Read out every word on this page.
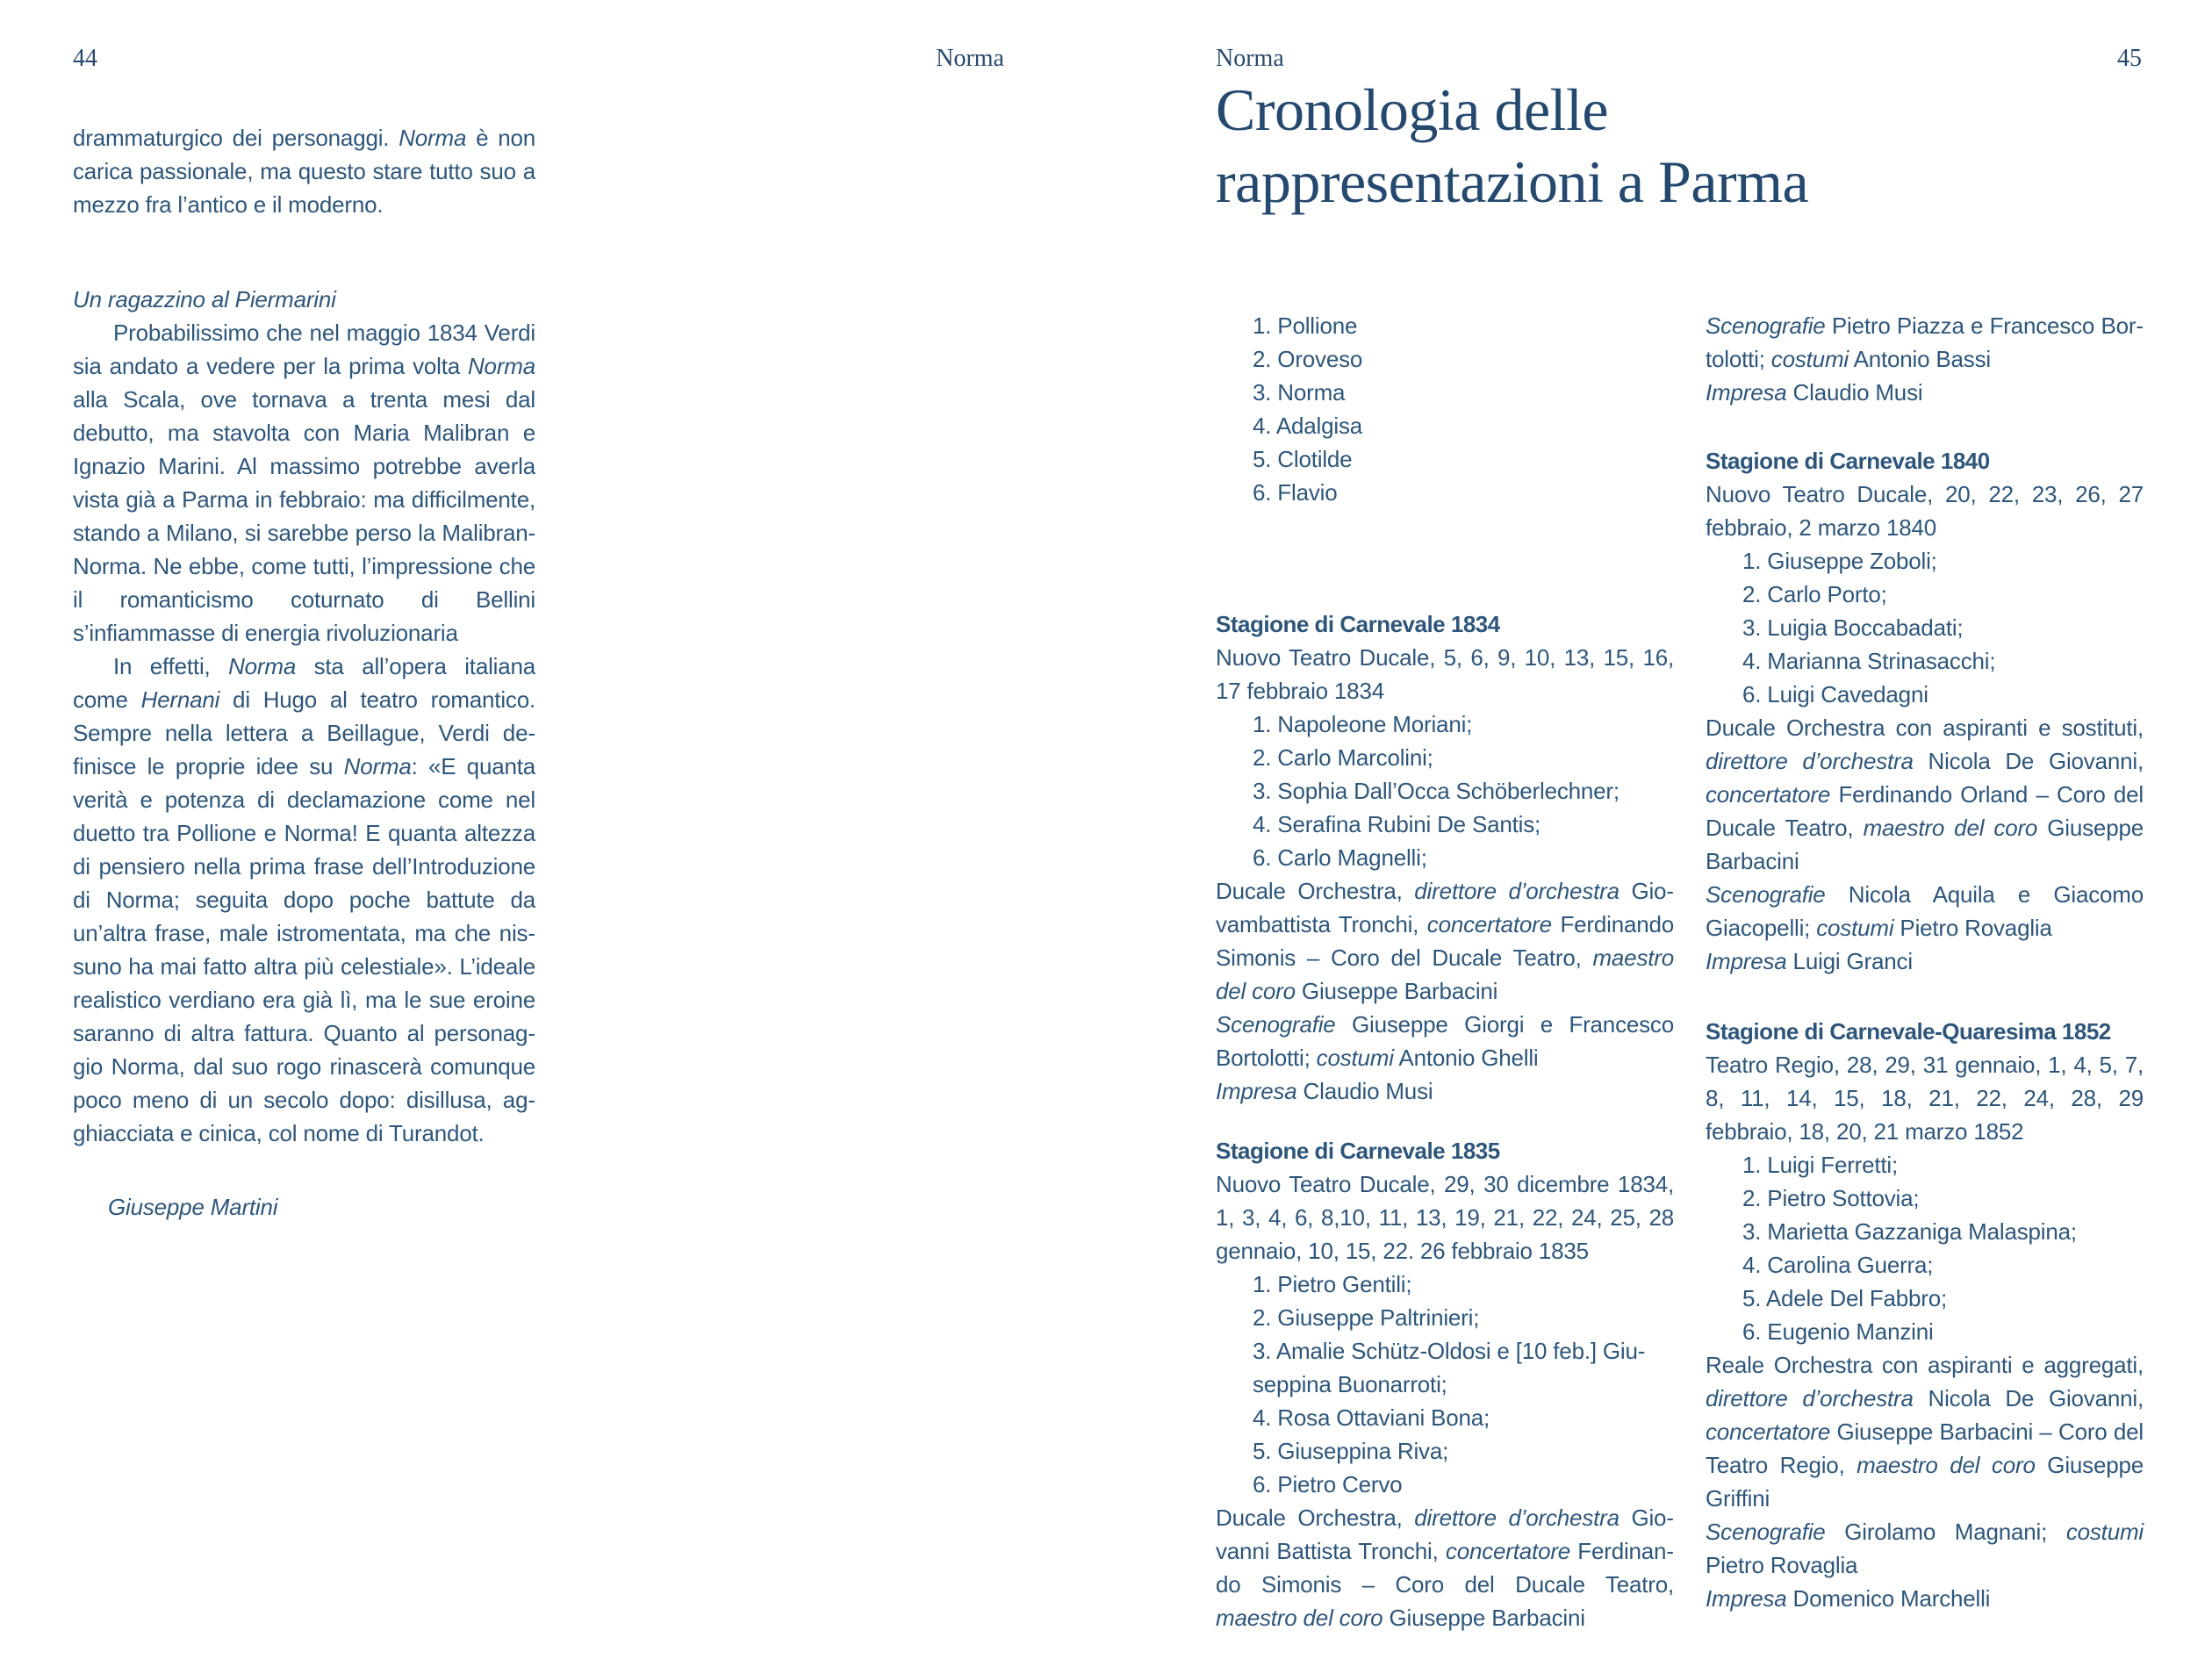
44	Norma	Norma	45
drammaturgico dei personaggi. Norma è non carica passionale, ma questo stare tutto suo a mezzo fra l’antico e il moderno.
Un ragazzino al Piermarini
Probabilissimo che nel maggio 1834 Verdi sia andato a vedere per la prima volta Norma alla Scala, ove tornava a trenta mesi dal debutto, ma stavolta con Maria Malibran e Ignazio Marini. Al massimo potrebbe averla vista già a Parma in febbraio: ma difficilmente, stando a Milano, si sarebbe perso la Malibran-Norma. Ne ebbe, come tutti, l’impressione che il romanticismo coturnato di Bellini s’infiammasse di energia rivoluzionaria
In effetti, Norma sta all’opera italiana come Hernani di Hugo al teatro romantico. Sempre nella lettera a Beillague, Verdi definisce le proprie idee su Norma: «E quanta verità e potenza di declamazione come nel duetto tra Pollione e Norma! E quanta altezza di pensiero nella prima frase dell’Introduzione di Norma; seguita dopo poche battute da un’altra frase, male istromentata, ma che nissuno ha mai fatto altra più celestiale». L’ideale realistico verdiano era già lì, ma le sue eroine saranno di altra fattura. Quanto al personaggio Norma, dal suo rogo rinascerà comunque poco meno di un secolo dopo: disillusa, agghiacciata e cinica, col nome di Turandot.
Giuseppe Martini
Cronologia delle
rappresentazioni a Parma
1. Pollione
2. Oroveso
3. Norma
4. Adalgisa
5. Clotilde
6. Flavio
Stagione di Carnevale 1834
Nuovo Teatro Ducale, 5, 6, 9, 10, 13, 15, 16, 17 febbraio 1834
1. Napoleone Moriani;
2. Carlo Marcolini;
3. Sophia Dall’Occa Schöberlechner;
4. Serafina Rubini De Santis;
6. Carlo Magnelli;
Ducale Orchestra, direttore d’orchestra Giovambattista Tronchi, concertatore Ferdinando Simonis – Coro del Ducale Teatro, maestro del coro Giuseppe Barbacini
Scenografie Giuseppe Giorgi e Francesco Bortolotti; costumi Antonio Ghelli
Impresa Claudio Musi
Stagione di Carnevale 1835
Nuovo Teatro Ducale, 29, 30 dicembre 1834, 1, 3, 4, 6, 8,10, 11, 13, 19, 21, 22, 24, 25, 28 gennaio, 10, 15, 22. 26 febbraio 1835
1. Pietro Gentili;
2. Giuseppe Paltrinieri;
3. Amalie Schütz-Oldosi e [10 feb.] Giuseppina Buonarroti;
4. Rosa Ottaviani Bona;
5. Giuseppina Riva;
6. Pietro Cervo
Ducale Orchestra, direttore d’orchestra Giovanni Battista Tronchi, concertatore Ferdinando Simonis – Coro del Ducale Teatro, maestro del coro Giuseppe Barbacini
Scenografie Pietro Piazza e Francesco Bortolotti; costumi Antonio Bassi
Impresa Claudio Musi
Stagione di Carnevale 1840
Nuovo Teatro Ducale, 20, 22, 23, 26, 27 febbraio, 2 marzo 1840
1. Giuseppe Zoboli;
2. Carlo Porto;
3. Luigia Boccabadati;
4. Marianna Strinasacchi;
6. Luigi Cavedagni
Ducale Orchestra con aspiranti e sostituti, direttore d’orchestra Nicola De Giovanni, concertatore Ferdinando Orland – Coro del Ducale Teatro, maestro del coro Giuseppe Barbacini
Scenografie Nicola Aquila e Giacomo Giacopelli; costumi Pietro Rovaglia
Impresa Luigi Granci
Stagione di Carnevale-Quaresima 1852
Teatro Regio, 28, 29, 31 gennaio, 1, 4, 5, 7, 8, 11, 14, 15, 18, 21, 22, 24, 28, 29 febbraio, 18, 20, 21 marzo 1852
1. Luigi Ferretti;
2. Pietro Sottovia;
3. Marietta Gazzaniga Malaspina;
4. Carolina Guerra;
5. Adele Del Fabbro;
6. Eugenio Manzini
Reale Orchestra con aspiranti e aggregati, direttore d’orchestra Nicola De Giovanni, concertatore Giuseppe Barbacini – Coro del Teatro Regio, maestro del coro Giuseppe Griffini
Scenografie Girolamo Magnani; costumi Pietro Rovaglia
Impresa Domenico Marchelli
